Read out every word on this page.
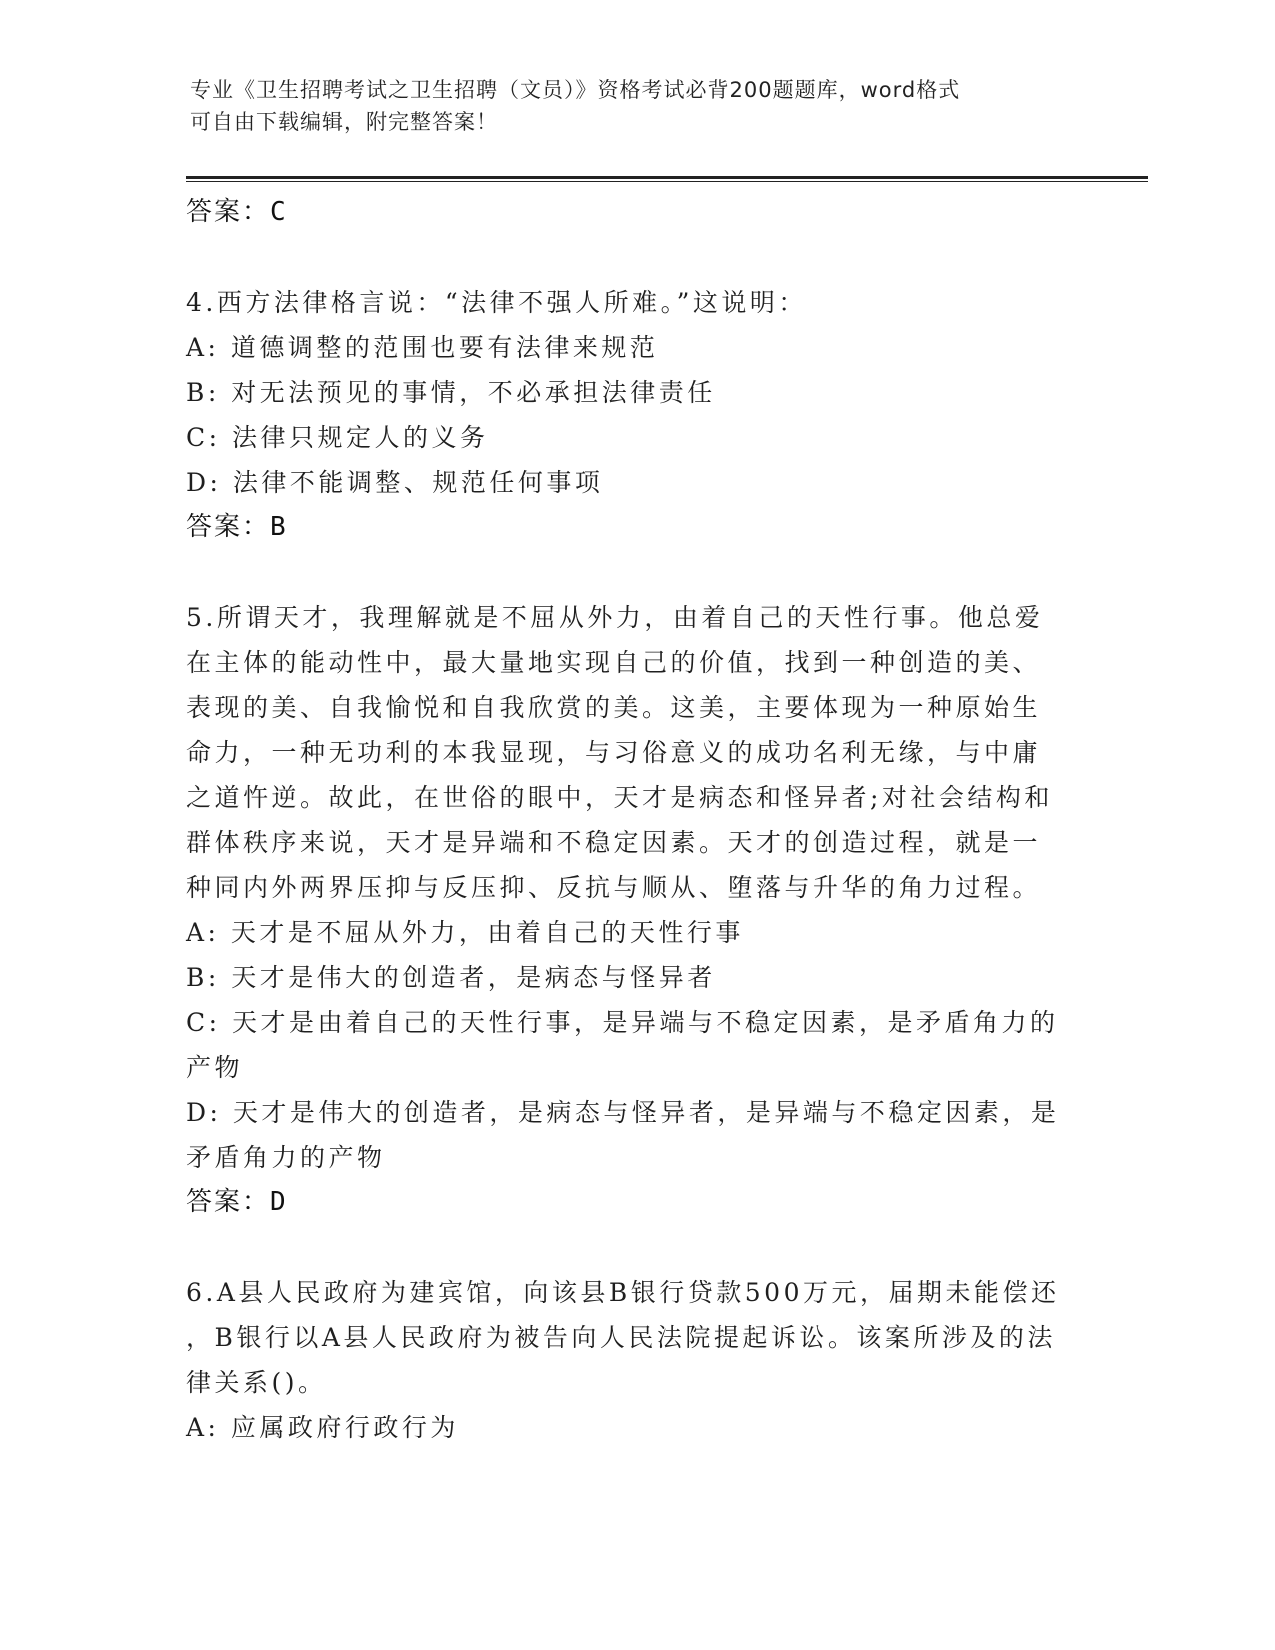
专业《卫生招聘考试之卫生招聘（文员）》资格考试必背200题题库，word格式
可自由下载编辑，附完整答案！

答案：C

4.西方法律格言说：“法律不强人所难。”这说明：

A: 道德调整的范围也要有法律来规范

B: 对无法预见的事情，不必承担法律责任

C: 法律只规定人的义务

D: 法律不能调整、规范任何事项

答案：B

5.所谓天才，我理解就是不屈从外力，由着自己的天性行事。他总爱

在主体的能动性中，最大量地实现自己的价值，找到一种创造的美、

表现的美、自我愉悦和自我欣赏的美。这美，主要体现为一种原始生

命力，一种无功利的本我显现，与习俗意义的成功名利无缘，与中庸

之道忤逆。故此，在世俗的眼中，天才是病态和怪异者;对社会结构和

群体秩序来说，天才是异端和不稳定因素。天才的创造过程，就是一

种同内外两界压抑与反压抑、反抗与顺从、堕落与升华的角力过程。

A: 天才是不屈从外力，由着自己的天性行事

B: 天才是伟大的创造者，是病态与怪异者

C: 天才是由着自己的天性行事，是异端与不稳定因素，是矛盾角力的

产物

D: 天才是伟大的创造者，是病态与怪异者，是异端与不稳定因素，是

矛盾角力的产物

答案：D

6.A县人民政府为建宾馆，向该县B银行贷款500万元，届期未能偿还

，B银行以A县人民政府为被告向人民法院提起诉讼。该案所涉及的法

律关系()。

A: 应属政府行政行为
